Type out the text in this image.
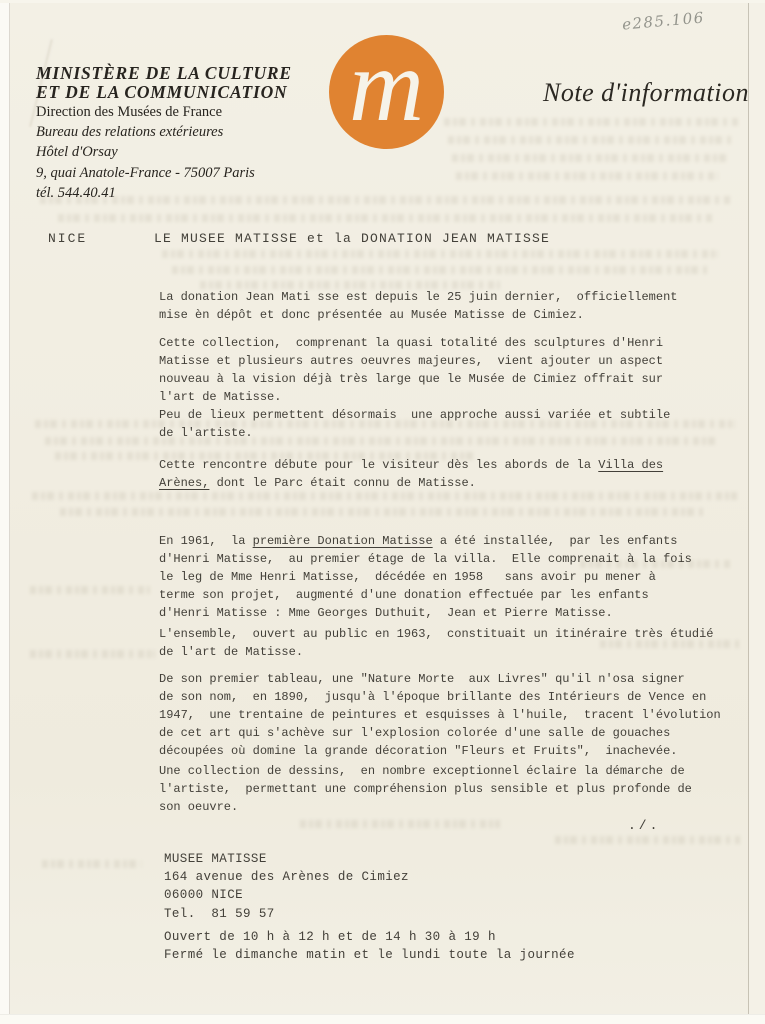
e285.106
MINISTÈRE DE LA CULTURE
ET DE LA COMMUNICATION
Direction des Musées de France
Bureau des relations extérieures
Hôtel d'Orsay
9, quai Anatole-France - 75007 Paris
tél. 544.40.41
m	Note d'information
NICE	LE MUSEE MATISSE et la DONATION JEAN MATISSE
La donation Jean Mati sse est depuis le 25 juin dernier,  officiellement
mise èn dépôt et donc présentée au Musée Matisse de Cimiez.
Cette collection,  comprenant la quasi totalité des sculptures d'Henri
Matisse et plusieurs autres oeuvres majeures,  vient ajouter un aspect
nouveau à la vision déjà très large que le Musée de Cimiez offrait sur
l'art de Matisse.
Peu de lieux permettent désormais  une approche aussi variée et subtile
de l'artiste.
Cette rencontre débute pour le visiteur dès les abords de la Villa des
Arènes, dont le Parc était connu de Matisse.
En 1961,  la première Donation Matisse a été installée,  par les enfants
d'Henri Matisse,  au premier étage de la villa.  Elle comprenait à la fois
le leg de Mme Henri Matisse,  décédée en 1958   sans avoir pu mener à
terme son projet,  augmenté d'une donation effectuée par les enfants
d'Henri Matisse : Mme Georges Duthuit,  Jean et Pierre Matisse.
L'ensemble,  ouvert au public en 1963,  constituait un itinéraire très étudié
de l'art de Matisse.
De son premier tableau, une "Nature Morte  aux Livres" qu'il n'osa signer
de son nom,  en 1890,  jusqu'à l'époque brillante des Intérieurs de Vence en
1947,  une trentaine de peintures et esquisses à l'huile,  tracent l'évolution
de cet art qui s'achève sur l'explosion colorée d'une salle de gouaches
découpées où domine la grande décoration "Fleurs et Fruits",  inachevée.
Une collection de dessins,  en nombre exceptionnel éclaire la démarche de
l'artiste,  permettant une compréhension plus sensible et plus profonde de
son oeuvre.
./.
MUSEE MATISSE
164 avenue des Arènes de Cimiez
06000 NICE
Tel.  81 59 57
Ouvert de 10 h à 12 h et de 14 h 30 à 19 h
Fermé le dimanche matin et le lundi toute la journée
